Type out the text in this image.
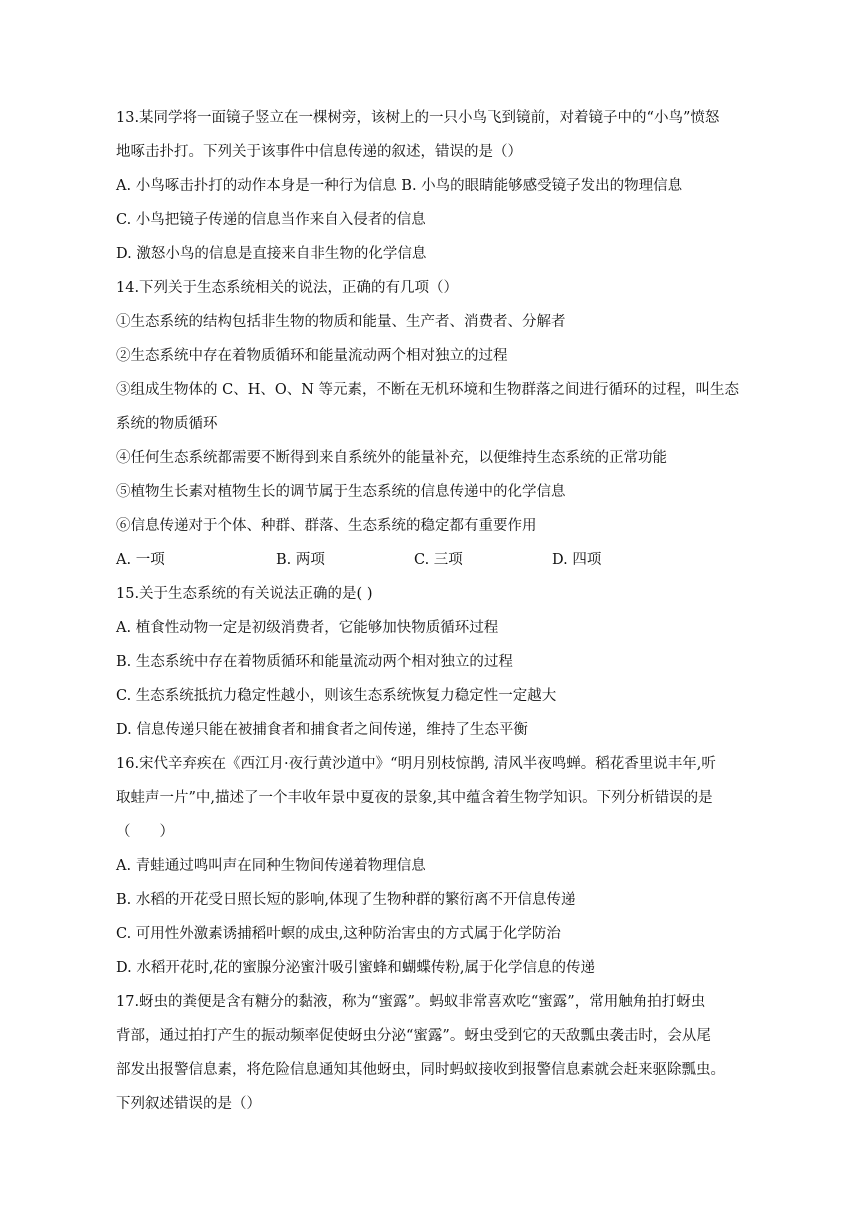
13.某同学将一面镜子竖立在一棵树旁，该树上的一只小鸟飞到镜前，对着镜子中的“小鸟”愤怒
地啄击扑打。下列关于该事件中信息传递的叙述，错误的是（）
A. 小鸟啄击扑打的动作本身是一种行为信息 B. 小鸟的眼睛能够感受镜子发出的物理信息
C. 小鸟把镜子传递的信息当作来自入侵者的信息
D. 激怒小鸟的信息是直接来自非生物的化学信息
14.下列关于生态系统相关的说法，正确的有几项（）
①生态系统的结构包括非生物的物质和能量、生产者、消费者、分解者
②生态系统中存在着物质循环和能量流动两个相对独立的过程
③组成生物体的 C、H、O、N 等元素，不断在无机环境和生物群落之间进行循环的过程，叫生态
系统的物质循环
④任何生态系统都需要不断得到来自系统外的能量补充，以便维持生态系统的正常功能
⑤植物生长素对植物生长的调节属于生态系统的信息传递中的化学信息
⑥信息传递对于个体、种群、群落、生态系统的稳定都有重要作用
A. 一项	B. 两项	C. 三项	D. 四项
15.关于生态系统的有关说法正确的是( )
A. 植食性动物一定是初级消费者，它能够加快物质循环过程
B. 生态系统中存在着物质循环和能量流动两个相对独立的过程
C. 生态系统抵抗力稳定性越小，则该生态系统恢复力稳定性一定越大
D. 信息传递只能在被捕食者和捕食者之间传递，维持了生态平衡
16.宋代辛弃疾在《西江月·夜行黄沙道中》“明月别枝惊鹊, 清风半夜鸣蝉。稻花香里说丰年,听
取蛙声一片”中,描述了一个丰收年景中夏夜的景象,其中蕴含着生物学知识。下列分析错误的是
（　　）
A. 青蛙通过鸣叫声在同种生物间传递着物理信息
B. 水稻的开花受日照长短的影响,体现了生物种群的繁衍离不开信息传递
C. 可用性外激素诱捕稻叶螟的成虫,这种防治害虫的方式属于化学防治
D. 水稻开花时,花的蜜腺分泌蜜汁吸引蜜蜂和蝴蝶传粉,属于化学信息的传递
17.蚜虫的粪便是含有糖分的黏液，称为“蜜露”。蚂蚁非常喜欢吃“蜜露”，常用触角拍打蚜虫
背部，通过拍打产生的振动频率促使蚜虫分泌“蜜露”。蚜虫受到它的天敌瓢虫袭击时，会从尾
部发出报警信息素，将危险信息通知其他蚜虫，同时蚂蚁接收到报警信息素就会赶来驱除瓢虫。
下列叙述错误的是（）
